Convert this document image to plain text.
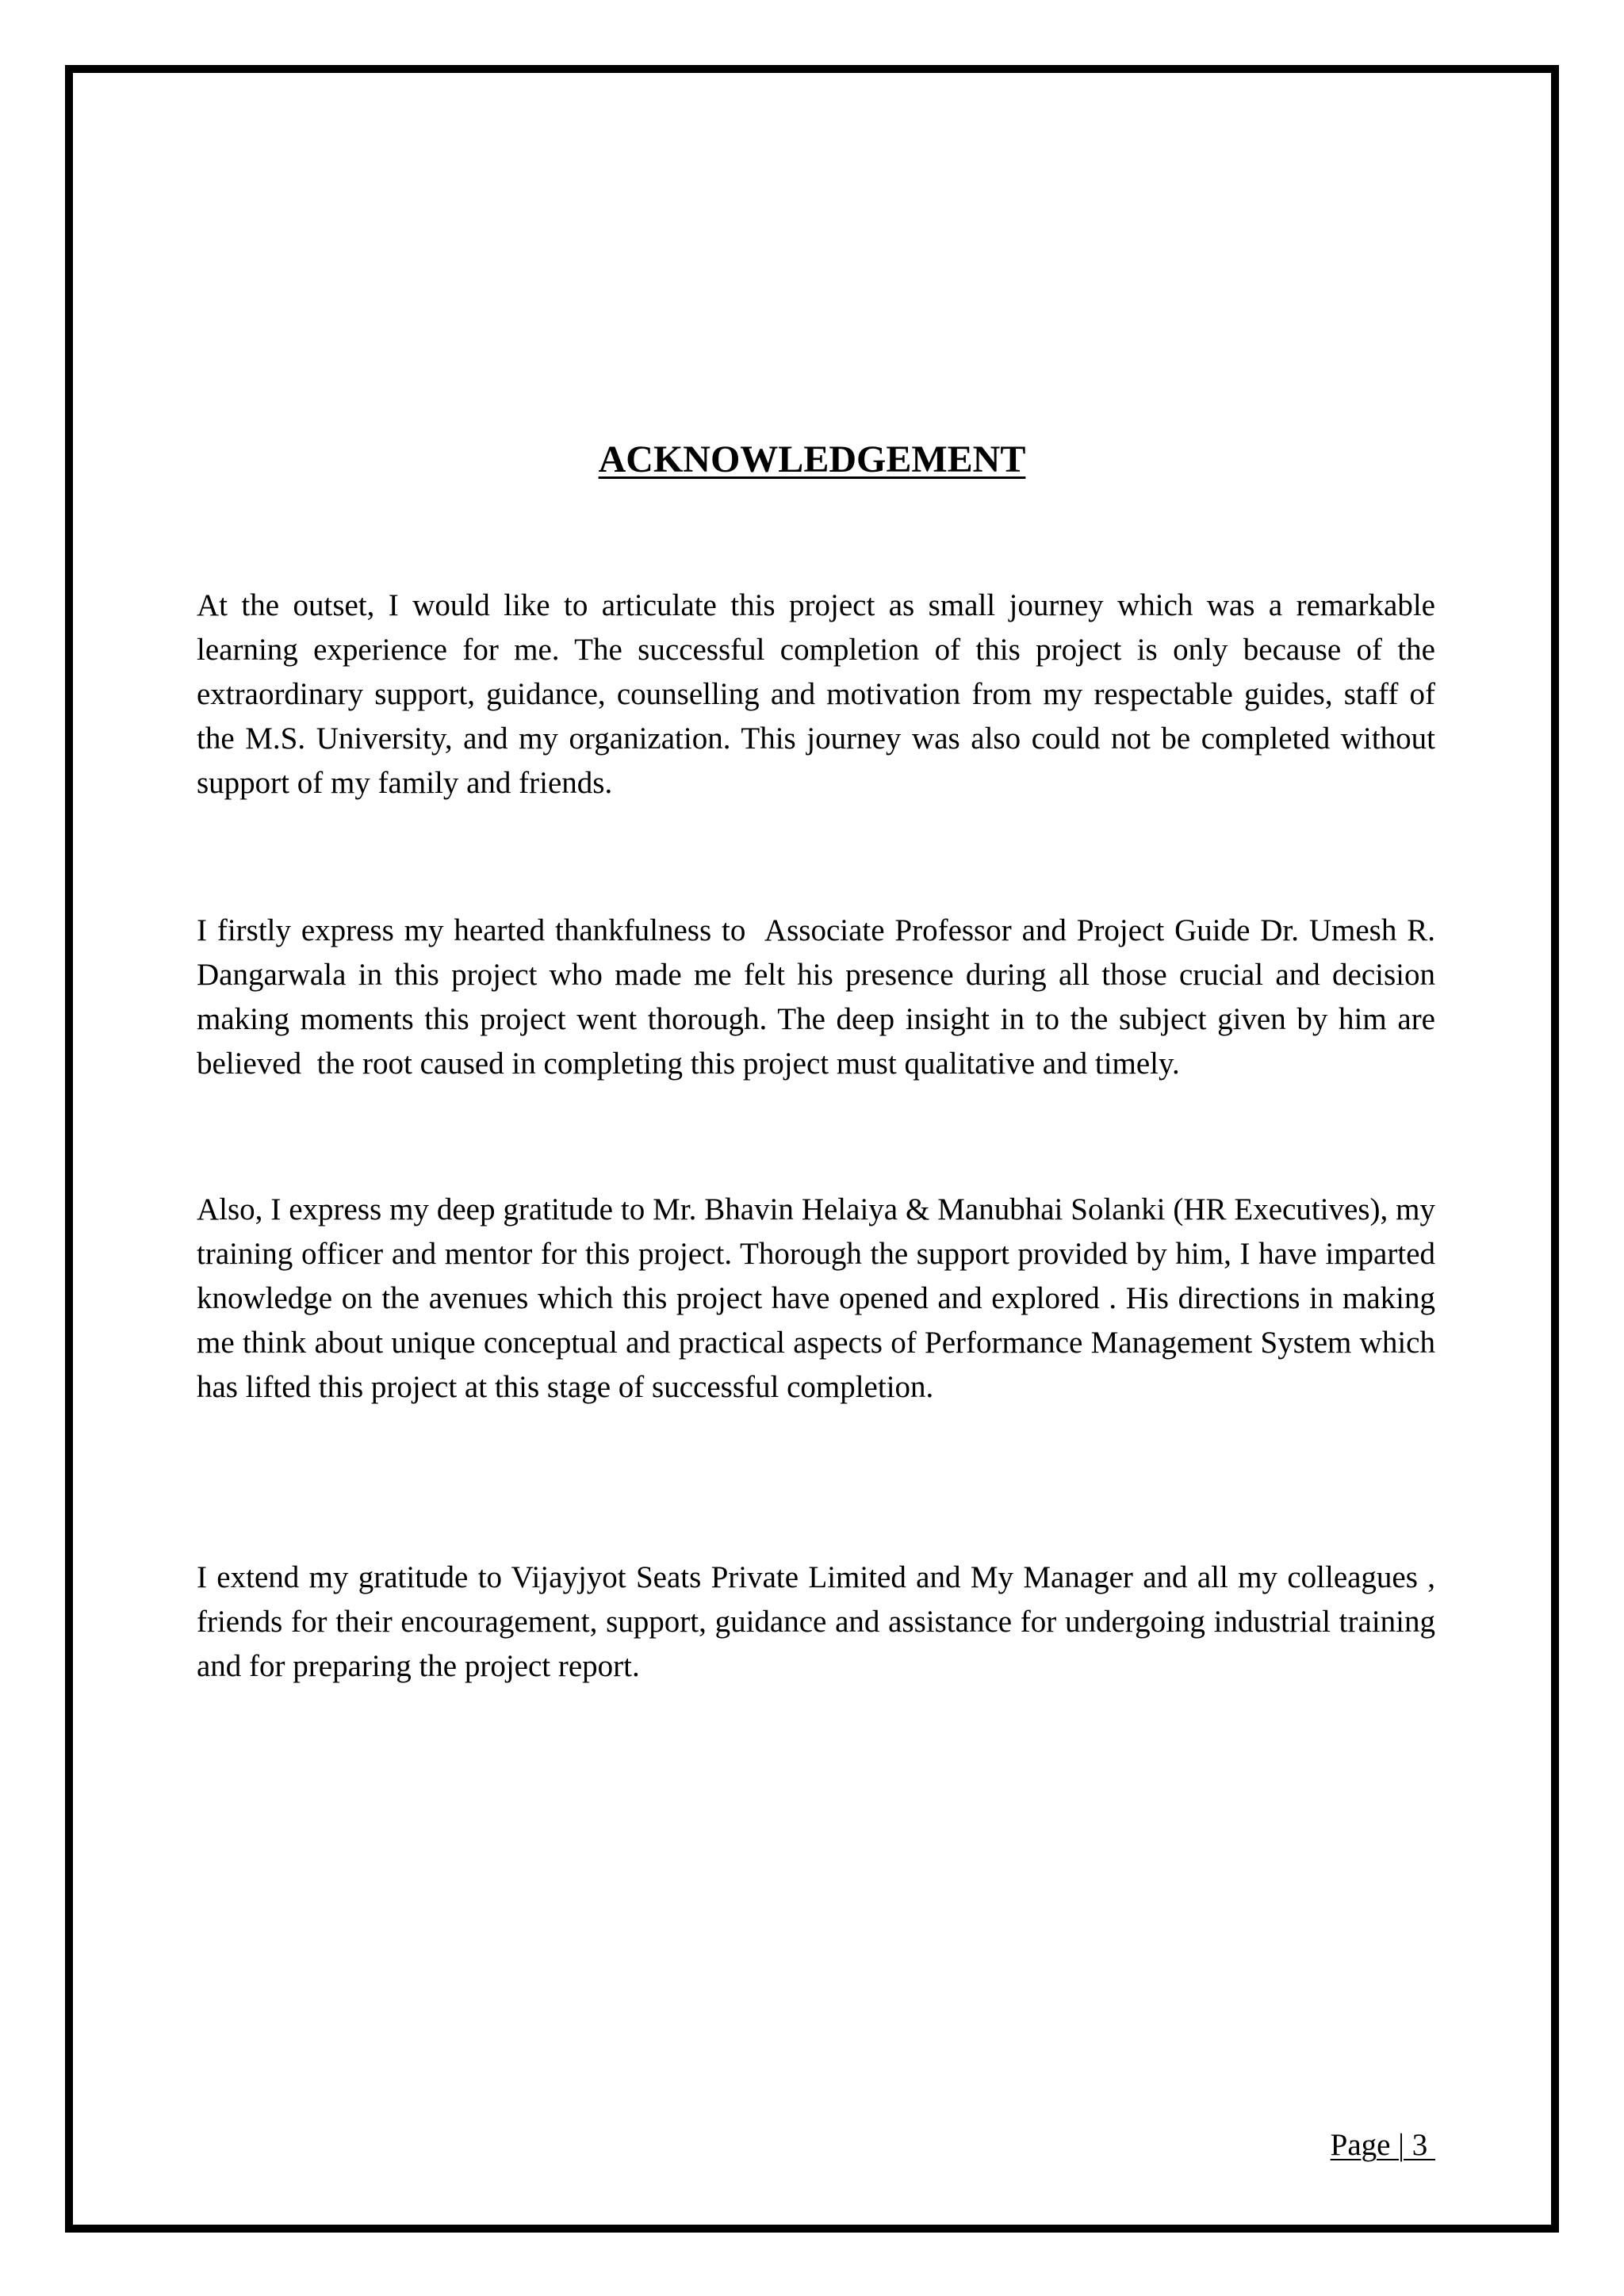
ACKNOWLEDGEMENT

At the outset, I would like to articulate this project as small journey which was a remarkable learning experience for me. The successful completion of this project is only because of the extraordinary support, guidance, counselling and motivation from my respectable guides, staff of the M.S. University, and my organization. This journey was also could not be completed without support of my family and friends.

I firstly express my hearted thankfulness to  Associate Professor and Project Guide Dr. Umesh R. Dangarwala in this project who made me felt his presence during all those crucial and decision making moments this project went thorough. The deep insight in to the subject given by him are believed  the root caused in completing this project must qualitative and timely.

Also, I express my deep gratitude to Mr. Bhavin Helaiya & Manubhai Solanki (HR Executives), my training officer and mentor for this project. Thorough the support provided by him, I have imparted knowledge on the avenues which this project have opened and explored . His directions in making me think about unique conceptual and practical aspects of Performance Management System which has lifted this project at this stage of successful completion.

I extend my gratitude to Vijayjyot Seats Private Limited and My Manager and all my colleagues , friends for their encouragement, support, guidance and assistance for undergoing industrial training and for preparing the project report.

Page | 3
